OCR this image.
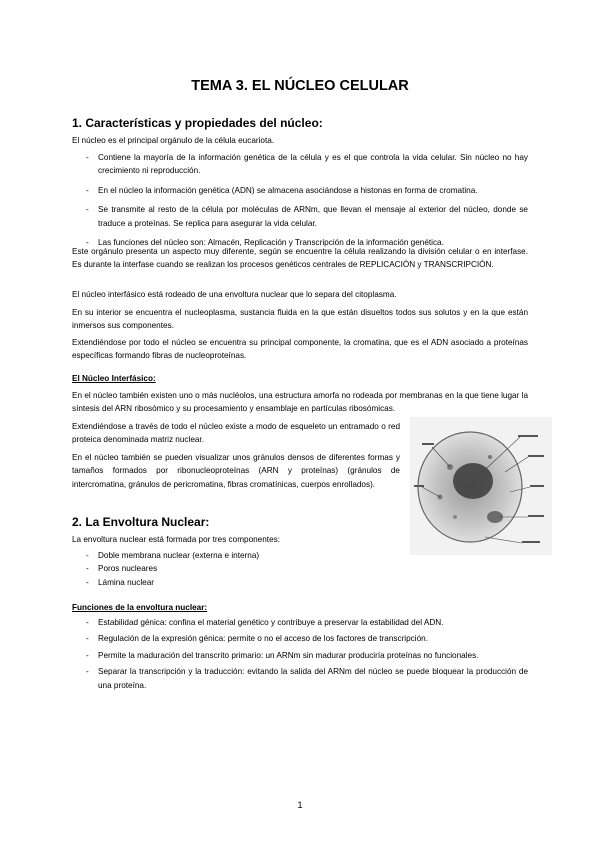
TEMA 3. EL NÚCLEO CELULAR
1. Características y propiedades del núcleo:
El núcleo es el principal orgánulo de la célula eucariota.
- Contiene la mayoría de la información genética de la célula y es el que controla la vida celular. Sin núcleo no hay crecimiento ni reproducción.
- En el núcleo la información genética (ADN) se almacena asociándose a histonas en forma de cromatina.
- Se transmite al resto de la célula por moléculas de ARNm, que llevan el mensaje al exterior del núcleo, donde se traduce a proteínas. Se replica para asegurar la vida celular.
- Las funciones del núcleo son: Almacén, Replicación y Transcripción de la información genética.
Este orgánulo presenta un aspecto muy diferente, según se encuentre la célula realizando la división celular o en interfase. Es durante la interfase cuando se realizan los procesos genéticos centrales de REPLICACIÓN y TRANSCRIPCIÓN.
El núcleo interfásico está rodeado de una envoltura nuclear que lo separa del citoplasma.
En su interior se encuentra el nucleoplasma, sustancia fluida en la que están disueltos todos sus solutos y en la que están inmersos sus componentes.
Extendiéndose por todo el núcleo se encuentra su principal componente, la cromatina, que es el ADN asociado a proteínas específicas formando fibras de nucleoproteínas.
El Núcleo Interfásico:
En el núcleo también existen uno o más nucléolos, una estructura amorfa no rodeada por membranas en la que tiene lugar la síntesis del ARN ribosómico y su procesamiento y ensamblaje en partículas ribosómicas.
Extendiéndose a través de todo el núcleo existe a modo de esqueleto un entramado o red proteica denominada matriz nuclear.
En el núcleo también se pueden visualizar unos gránulos densos de diferentes formas y tamaños formados por ribonucleoproteínas (ARN y proteínas) (gránulos de intercromatina, gránulos de pericromatina, fibras cromatínicas, cuerpos enrollados).
2. La Envoltura Nuclear:
La envoltura nuclear está formada por tres componentes:
- Doble membrana nuclear (externa e interna)
- Poros nucleares
- Lámina nuclear
Funciones de la envoltura nuclear:
- Estabilidad génica: confina el material genético y contribuye a preservar la estabilidad del ADN.
- Regulación de la expresión génica: permite o no el acceso de los factores de transcripción.
- Permite la maduración del transcrito primario: un ARNm sin madurar produciría proteínas no funcionales.
- Separar la transcripción y la traducción: evitando la salida del ARNm del núcleo se puede bloquear la producción de una proteína.
1
